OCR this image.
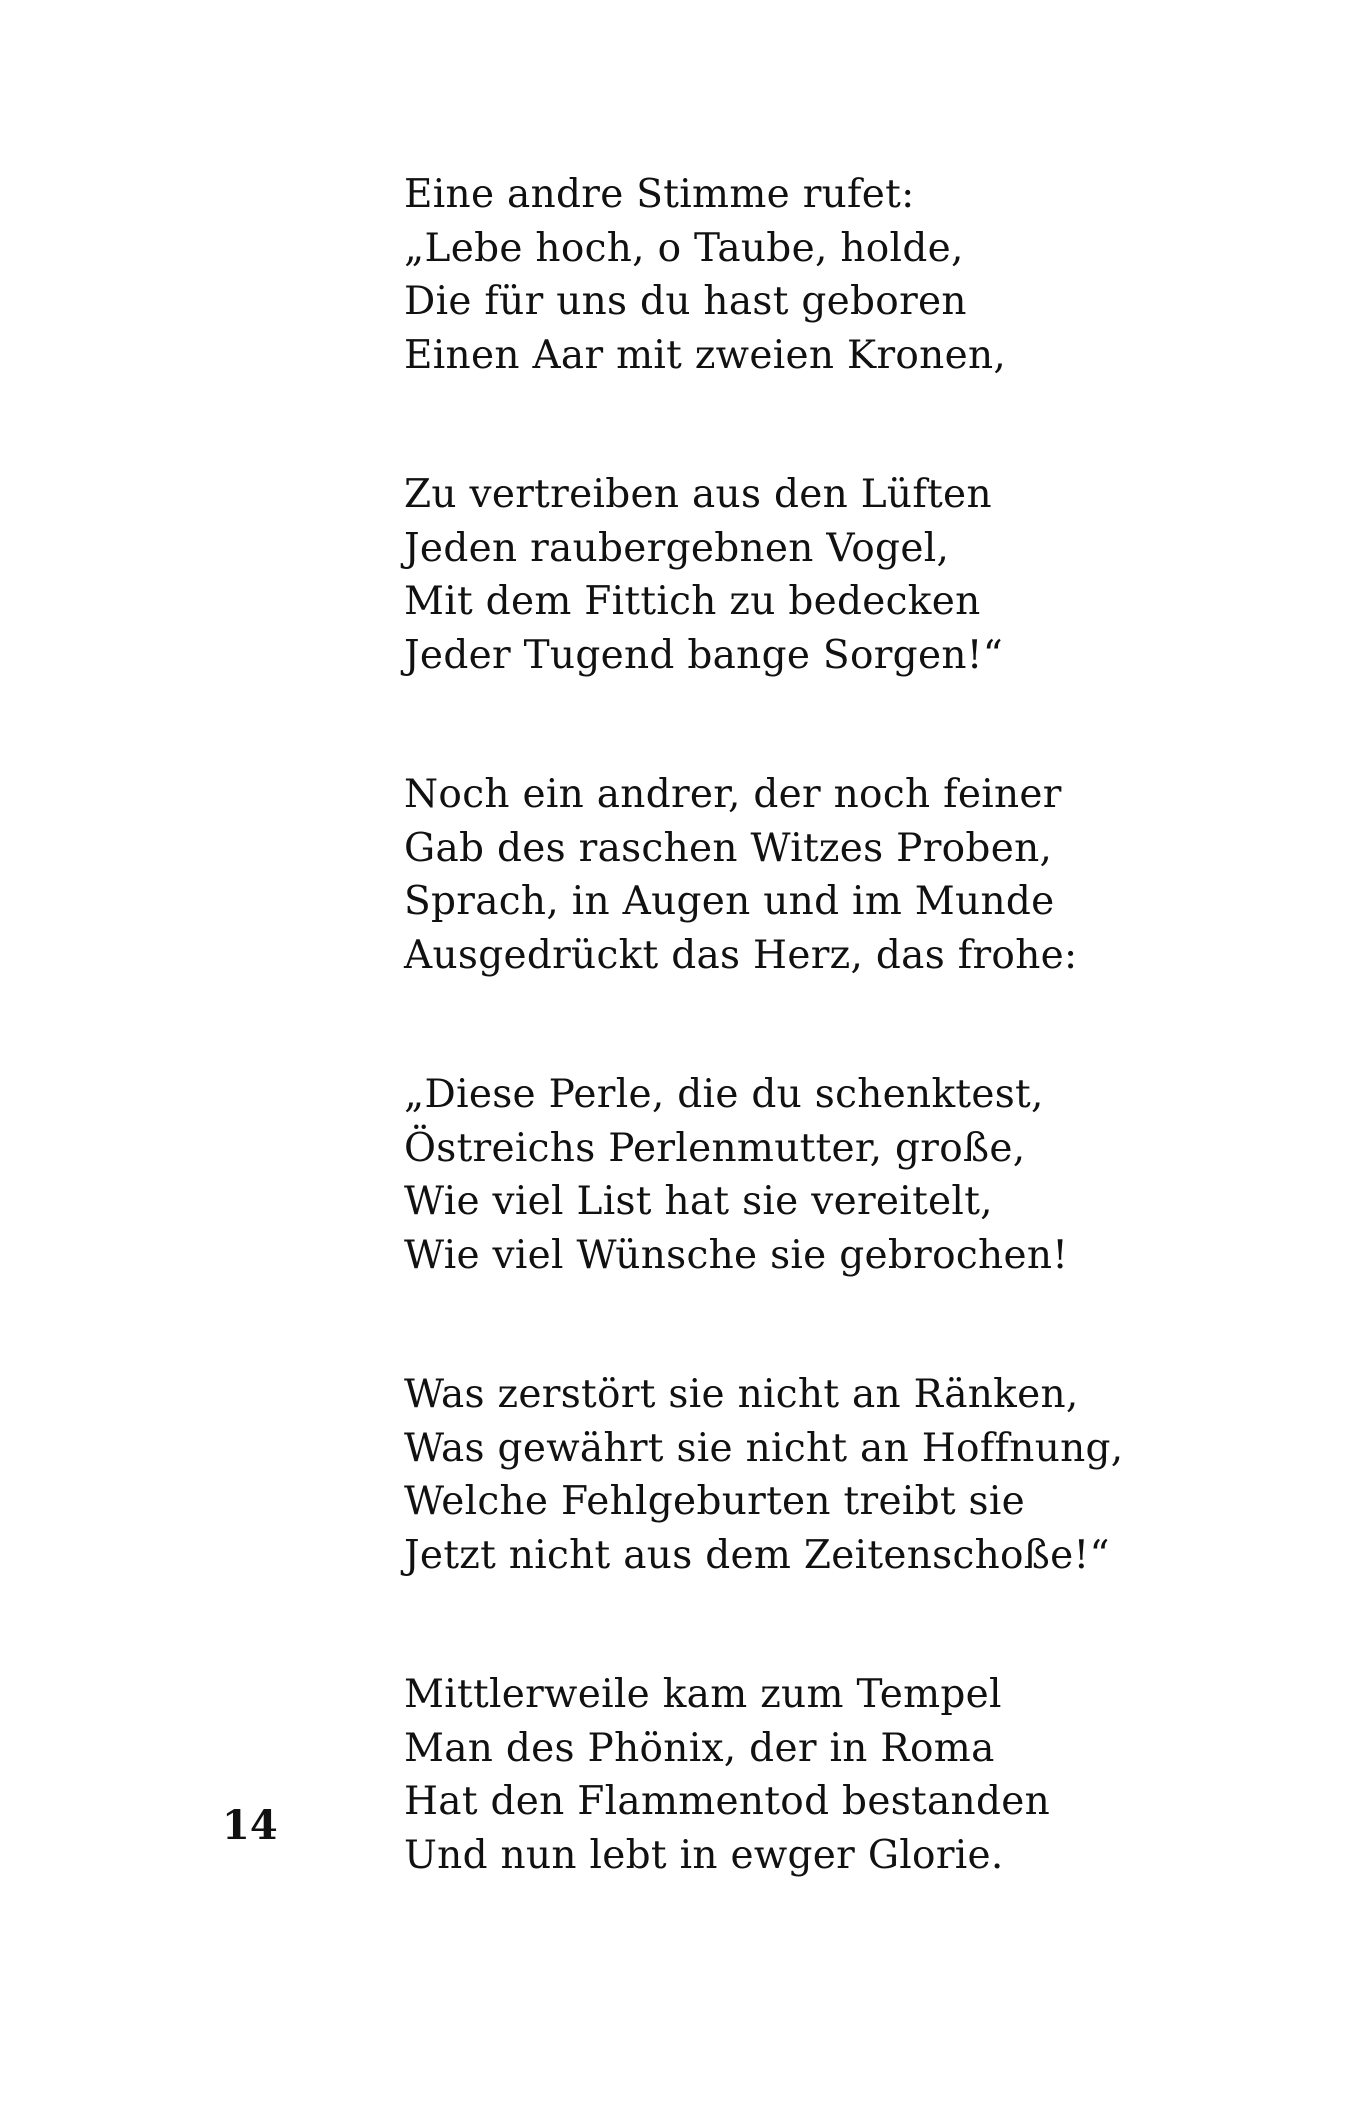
Eine andre Stimme rufet:
„Lebe hoch, o Taube, holde,
Die für uns du hast geboren
Einen Aar mit zweien Kronen,
Zu vertreiben aus den Lüften
Jeden raubergebnen Vogel,
Mit dem Fittich zu bedecken
Jeder Tugend bange Sorgen!“
Noch ein andrer, der noch feiner
Gab des raschen Witzes Proben,
Sprach, in Augen und im Munde
Ausgedrückt das Herz, das frohe:
„Diese Perle, die du schenktest,
Östreichs Perlenmutter, große,
Wie viel List hat sie vereitelt,
Wie viel Wünsche sie gebrochen!
Was zerstört sie nicht an Ränken,
Was gewährt sie nicht an Hoffnung,
Welche Fehlgeburten treibt sie
Jetzt nicht aus dem Zeitenschoße!“
Mittlerweile kam zum Tempel
Man des Phönix, der in Roma
Hat den Flammentod bestanden
Und nun lebt in ewger Glorie.
14
